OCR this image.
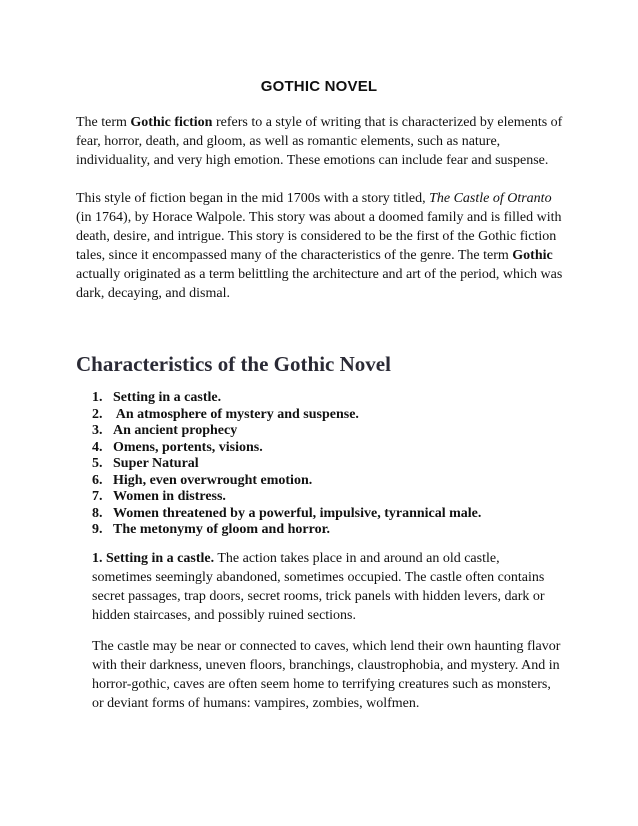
GOTHIC NOVEL

The term Gothic fiction refers to a style of writing that is characterized by elements of fear, horror, death, and gloom, as well as romantic elements, such as nature, individuality, and very high emotion. These emotions can include fear and suspense.

This style of fiction began in the mid 1700s with a story titled, The Castle of Otranto (in 1764), by Horace Walpole. This story was about a doomed family and is filled with death, desire, and intrigue. This story is considered to be the first of the Gothic fiction tales, since it encompassed many of the characteristics of the genre. The term Gothic actually originated as a term belittling the architecture and art of the period, which was dark, decaying, and dismal.

Characteristics of the Gothic Novel
1. Setting in a castle.
2. An atmosphere of mystery and suspense.
3. An ancient prophecy
4. Omens, portents, visions.
5. Super Natural
6. High, even overwrought emotion.
7. Women in distress.
8. Women threatened by a powerful, impulsive, tyrannical male.
9. The metonymy of gloom and horror.

1. Setting in a castle. The action takes place in and around an old castle, sometimes seemingly abandoned, sometimes occupied. The castle often contains secret passages, trap doors, secret rooms, trick panels with hidden levers, dark or hidden staircases, and possibly ruined sections.

The castle may be near or connected to caves, which lend their own haunting flavor with their darkness, uneven floors, branchings, claustrophobia, and mystery. And in horror-gothic, caves are often seem home to terrifying creatures such as monsters, or deviant forms of humans: vampires, zombies, wolfmen.
